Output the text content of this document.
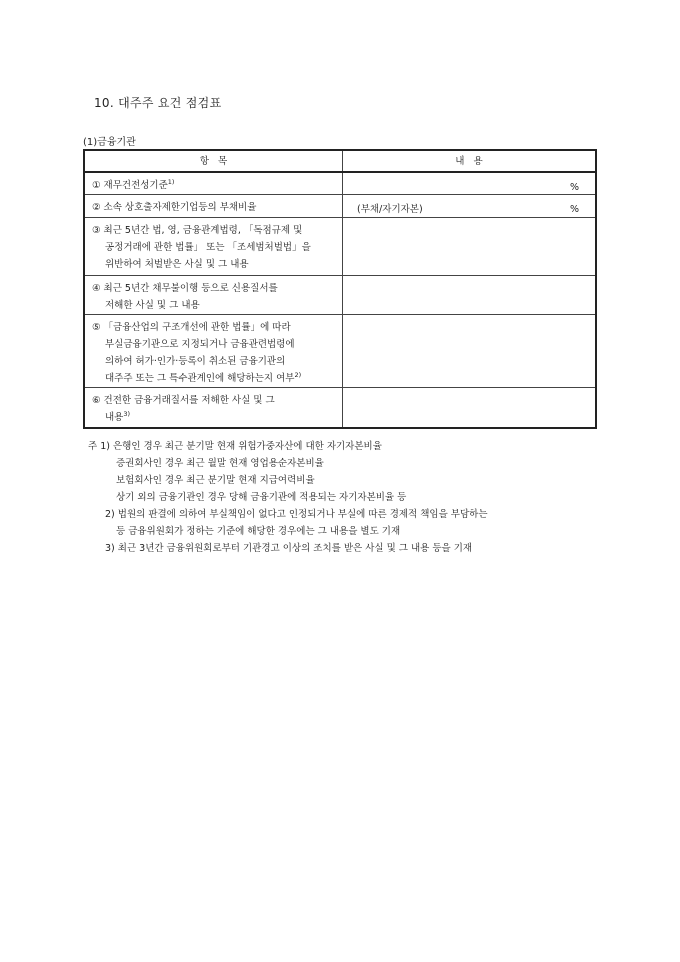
10. 대주주 요건 점검표
(1)금융기관
항   목	내   용

① 재무건전성기준$^{1)}$	%

② 소속 상호출자제한기업등의 부채비율	(부채/자기자본) %

③ 최근 5년간 법, 영, 금융관계법령, 「독점규제 및
공정거래에 관한 법률」 또는 「조세범처벌법」을
위반하여 처벌받은 사실 및 그 내용	

④ 최근 5년간 채무불이행 등으로 신용질서를
저해한 사실 및 그 내용	

⑤ 「금융산업의 구조개선에 관한 법률」에 따라
부실금융기관으로 지정되거나 금융관련법령에
의하여 허가·인가·등록이 취소된 금융기관의
대주주 또는 그 특수관계인에 해당하는지 여부$^{2)}$

⑥ 건전한 금융거래질서를 저해한 사실 및 그
내용$^{3)}$

주 1) 은행인 경우 최근 분기말 현재 위험가중자산에 대한 자기자본비율
증권회사인 경우 최근 월말 현재 영업용순자본비율
보험회사인 경우 최근 분기말 현재 지급여력비율
상기 외의 금융기관인 경우 당해 금융기관에 적용되는 자기자본비율 등
2) 법원의 판결에 의하여 부실책임이 없다고 인정되거나 부실에 따른 경제적 책임을 부담하는
등 금융위원회가 정하는 기준에 해당한 경우에는 그 내용을 별도 기재
3) 최근 3년간 금융위원회로부터 기관경고 이상의 조치를 받은 사실 및 그 내용 등을 기재
